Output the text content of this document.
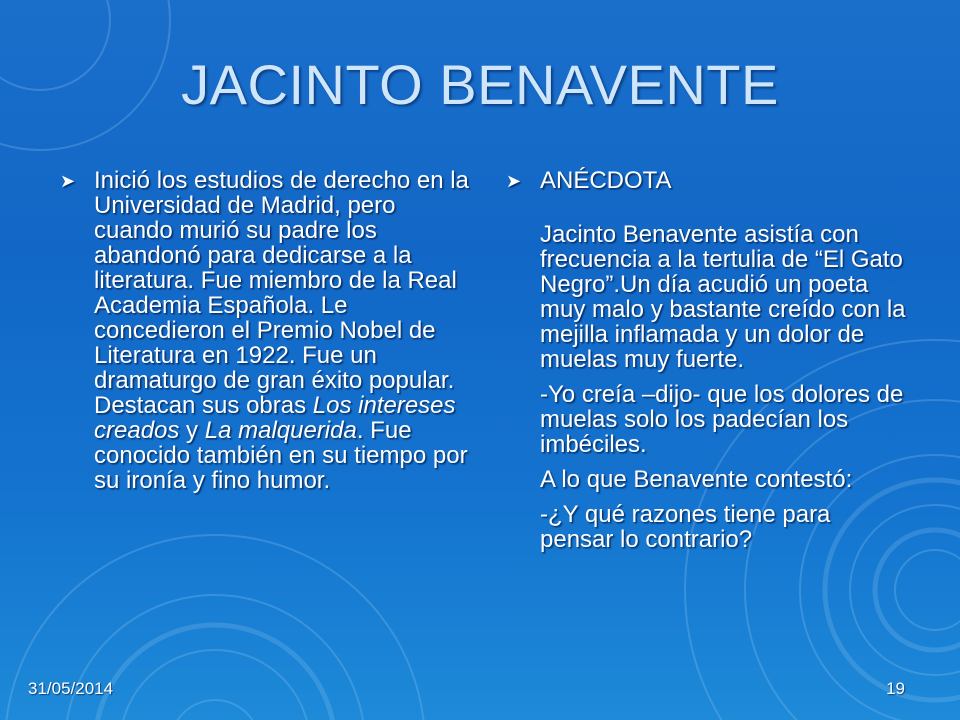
JACINTO BENAVENTE
➤ Inició los estudios de derecho en la Universidad de Madrid, pero cuando murió su padre los abandonó para dedicarse a la literatura. Fue miembro de la Real Academia Española. Le concedieron el Premio Nobel de Literatura en 1922. Fue un dramaturgo de gran éxito popular. Destacan sus obras Los intereses creados y La malquerida. Fue conocido también en su tiempo por su ironía y fino humor.
➤ ANÉCDOTA
Jacinto Benavente asistía con frecuencia a la tertulia de “El Gato Negro”.Un día acudió un poeta muy malo y bastante creído con la mejilla inflamada y un dolor de muelas muy fuerte.
-Yo creía –dijo- que los dolores de muelas solo los padecían los imbéciles.
A lo que Benavente contestó:
-¿Y qué razones tiene para pensar lo contrario?
31/05/2014	19
